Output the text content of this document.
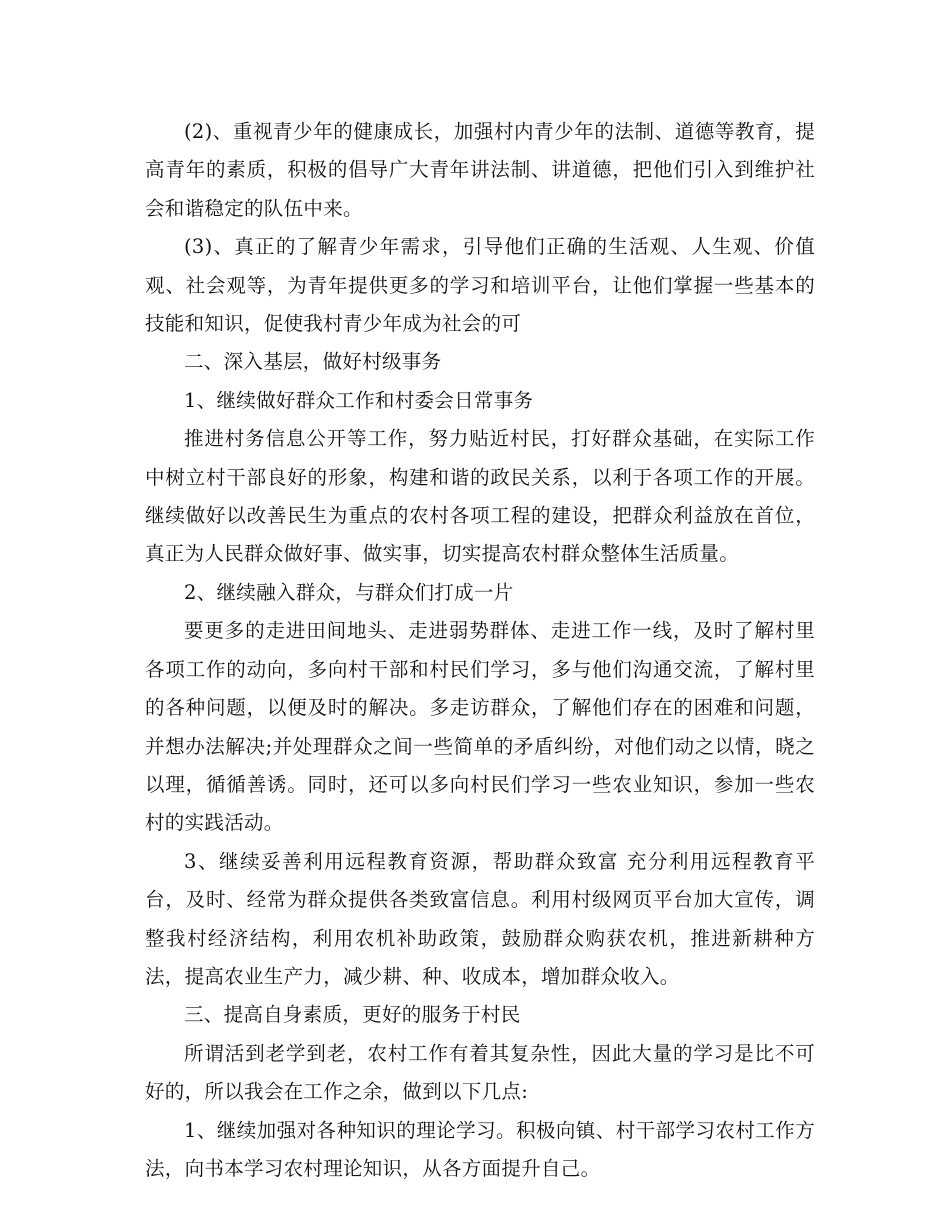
(2)、重视青少年的健康成长，加强村内青少年的法制、道德等教育，提高青年的素质，积极的倡导广大青年讲法制、讲道德，把他们引入到维护社会和谐稳定的队伍中来。

(3)、真正的了解青少年需求，引导他们正确的生活观、人生观、价值观、社会观等，为青年提供更多的学习和培训平台，让他们掌握一些基本的技能和知识，促使我村青少年成为社会的可

二、深入基层，做好村级事务

1、继续做好群众工作和村委会日常事务

推进村务信息公开等工作，努力贴近村民，打好群众基础，在实际工作中树立村干部良好的形象，构建和谐的政民关系，以利于各项工作的开展。继续做好以改善民生为重点的农村各项工程的建设，把群众利益放在首位，真正为人民群众做好事、做实事，切实提高农村群众整体生活质量。

2、继续融入群众，与群众们打成一片

要更多的走进田间地头、走进弱势群体、走进工作一线，及时了解村里各项工作的动向，多向村干部和村民们学习，多与他们沟通交流，了解村里的各种问题，以便及时的解决。多走访群众，了解他们存在的困难和问题，并想办法解决;并处理群众之间一些简单的矛盾纠纷，对他们动之以情，晓之以理，循循善诱。同时，还可以多向村民们学习一些农业知识，参加一些农村的实践活动。

3、继续妥善利用远程教育资源，帮助群众致富 充分利用远程教育平台，及时、经常为群众提供各类致富信息。利用村级网页平台加大宣传，调整我村经济结构，利用农机补助政策，鼓励群众购获农机，推进新耕种方法，提高农业生产力，减少耕、种、收成本，增加群众收入。

三、提高自身素质，更好的服务于村民

所谓活到老学到老，农村工作有着其复杂性，因此大量的学习是比不可好的，所以我会在工作之余，做到以下几点:

1、继续加强对各种知识的理论学习。积极向镇、村干部学习农村工作方法，向书本学习农村理论知识，从各方面提升自己。
